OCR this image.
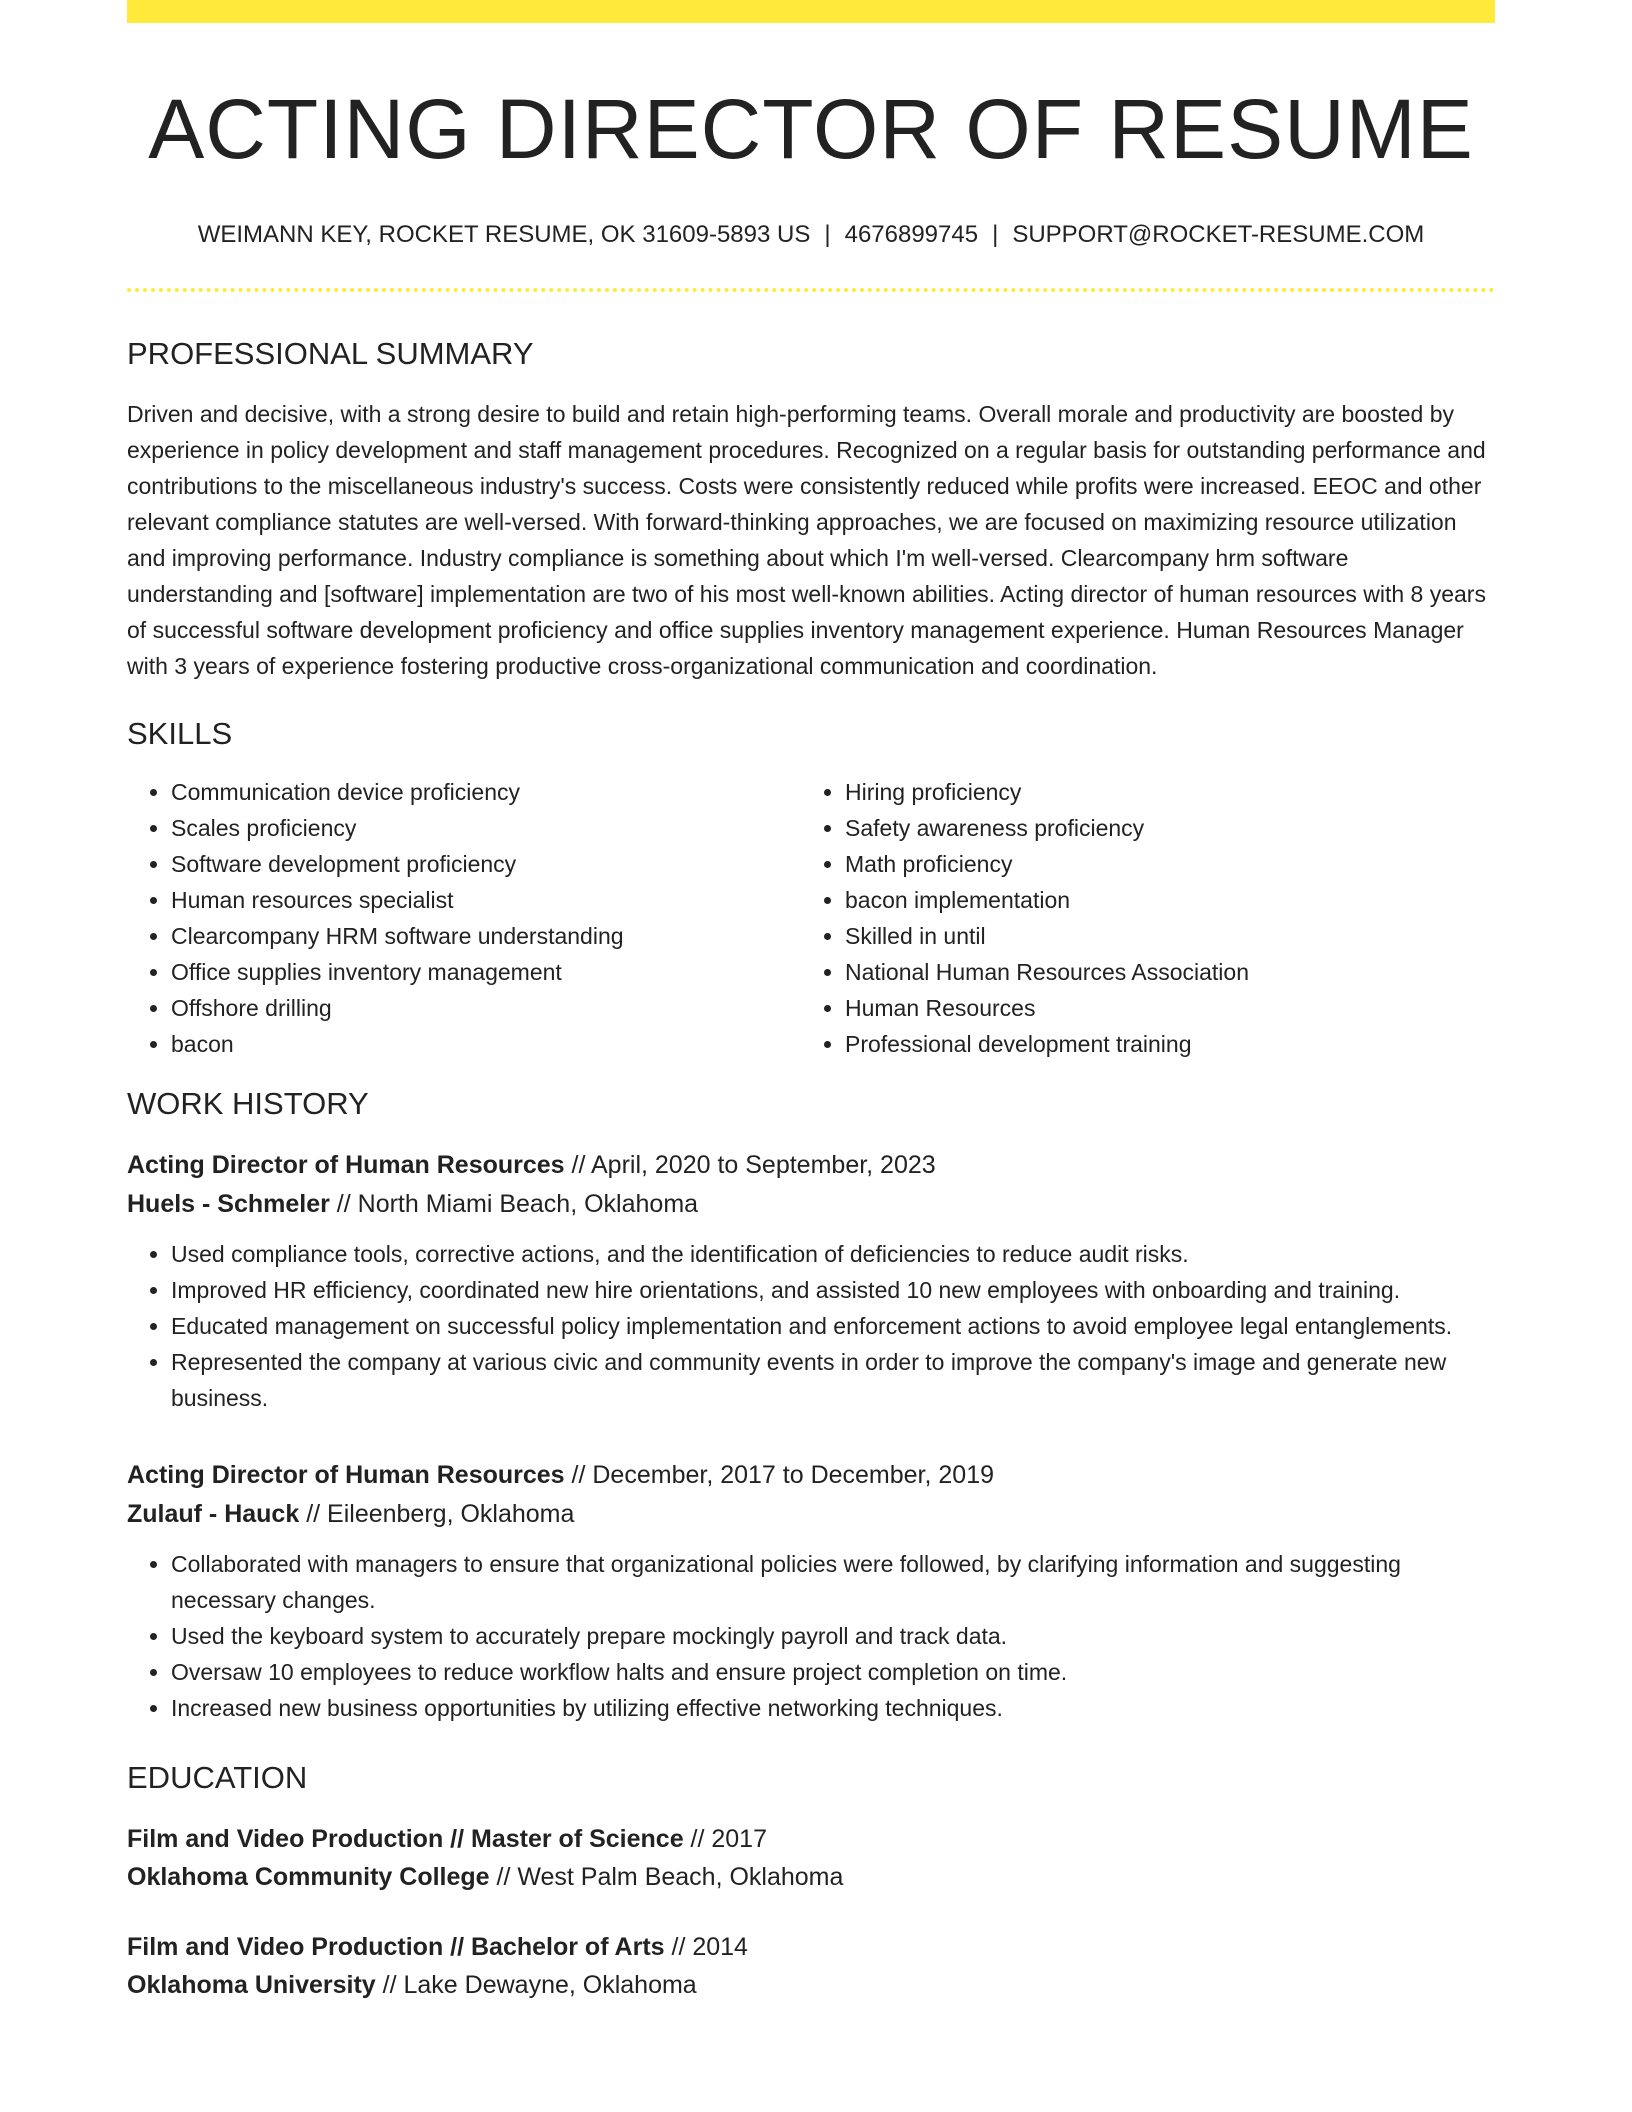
ACTING DIRECTOR OF RESUME
WEIMANN KEY, ROCKET RESUME, OK 31609-5893 US | 4676899745 | SUPPORT@ROCKET-RESUME.COM
PROFESSIONAL SUMMARY

Driven and decisive, with a strong desire to build and retain high-performing teams. Overall morale and productivity are boosted by experience in policy development and staff management procedures. Recognized on a regular basis for outstanding performance and contributions to the miscellaneous industry's success. Costs were consistently reduced while profits were increased. EEOC and other relevant compliance statutes are well-versed. With forward-thinking approaches, we are focused on maximizing resource utilization and improving performance. Industry compliance is something about which I'm well-versed. Clearcompany hrm software understanding and [software] implementation are two of his most well-known abilities. Acting director of human resources with 8 years of successful software development proficiency and office supplies inventory management experience. Human Resources Manager with 3 years of experience fostering productive cross-organizational communication and coordination.

SKILLS
• Communication device proficiency
• Scales proficiency
• Software development proficiency
• Human resources specialist
• Clearcompany HRM software understanding
• Office supplies inventory management
• Offshore drilling
• bacon
• Hiring proficiency
• Safety awareness proficiency
• Math proficiency
• bacon implementation
• Skilled in until
• National Human Resources Association
• Human Resources
• Professional development training
WORK HISTORY
Acting Director of Human Resources // April, 2020 to September, 2023
Huels - Schmeler // North Miami Beach, Oklahoma
• Used compliance tools, corrective actions, and the identification of deficiencies to reduce audit risks.
• Improved HR efficiency, coordinated new hire orientations, and assisted 10 new employees with onboarding and training.
• Educated management on successful policy implementation and enforcement actions to avoid employee legal entanglements.
• Represented the company at various civic and community events in order to improve the company's image and generate new business.
Acting Director of Human Resources // December, 2017 to December, 2019
Zulauf - Hauck // Eileenberg, Oklahoma
• Collaborated with managers to ensure that organizational policies were followed, by clarifying information and suggesting necessary changes.
• Used the keyboard system to accurately prepare mockingly payroll and track data.
• Oversaw 10 employees to reduce workflow halts and ensure project completion on time.
• Increased new business opportunities by utilizing effective networking techniques.
EDUCATION
Film and Video Production // Master of Science // 2017
Oklahoma Community College // West Palm Beach, Oklahoma
Film and Video Production // Bachelor of Arts // 2014
Oklahoma University // Lake Dewayne, Oklahoma
